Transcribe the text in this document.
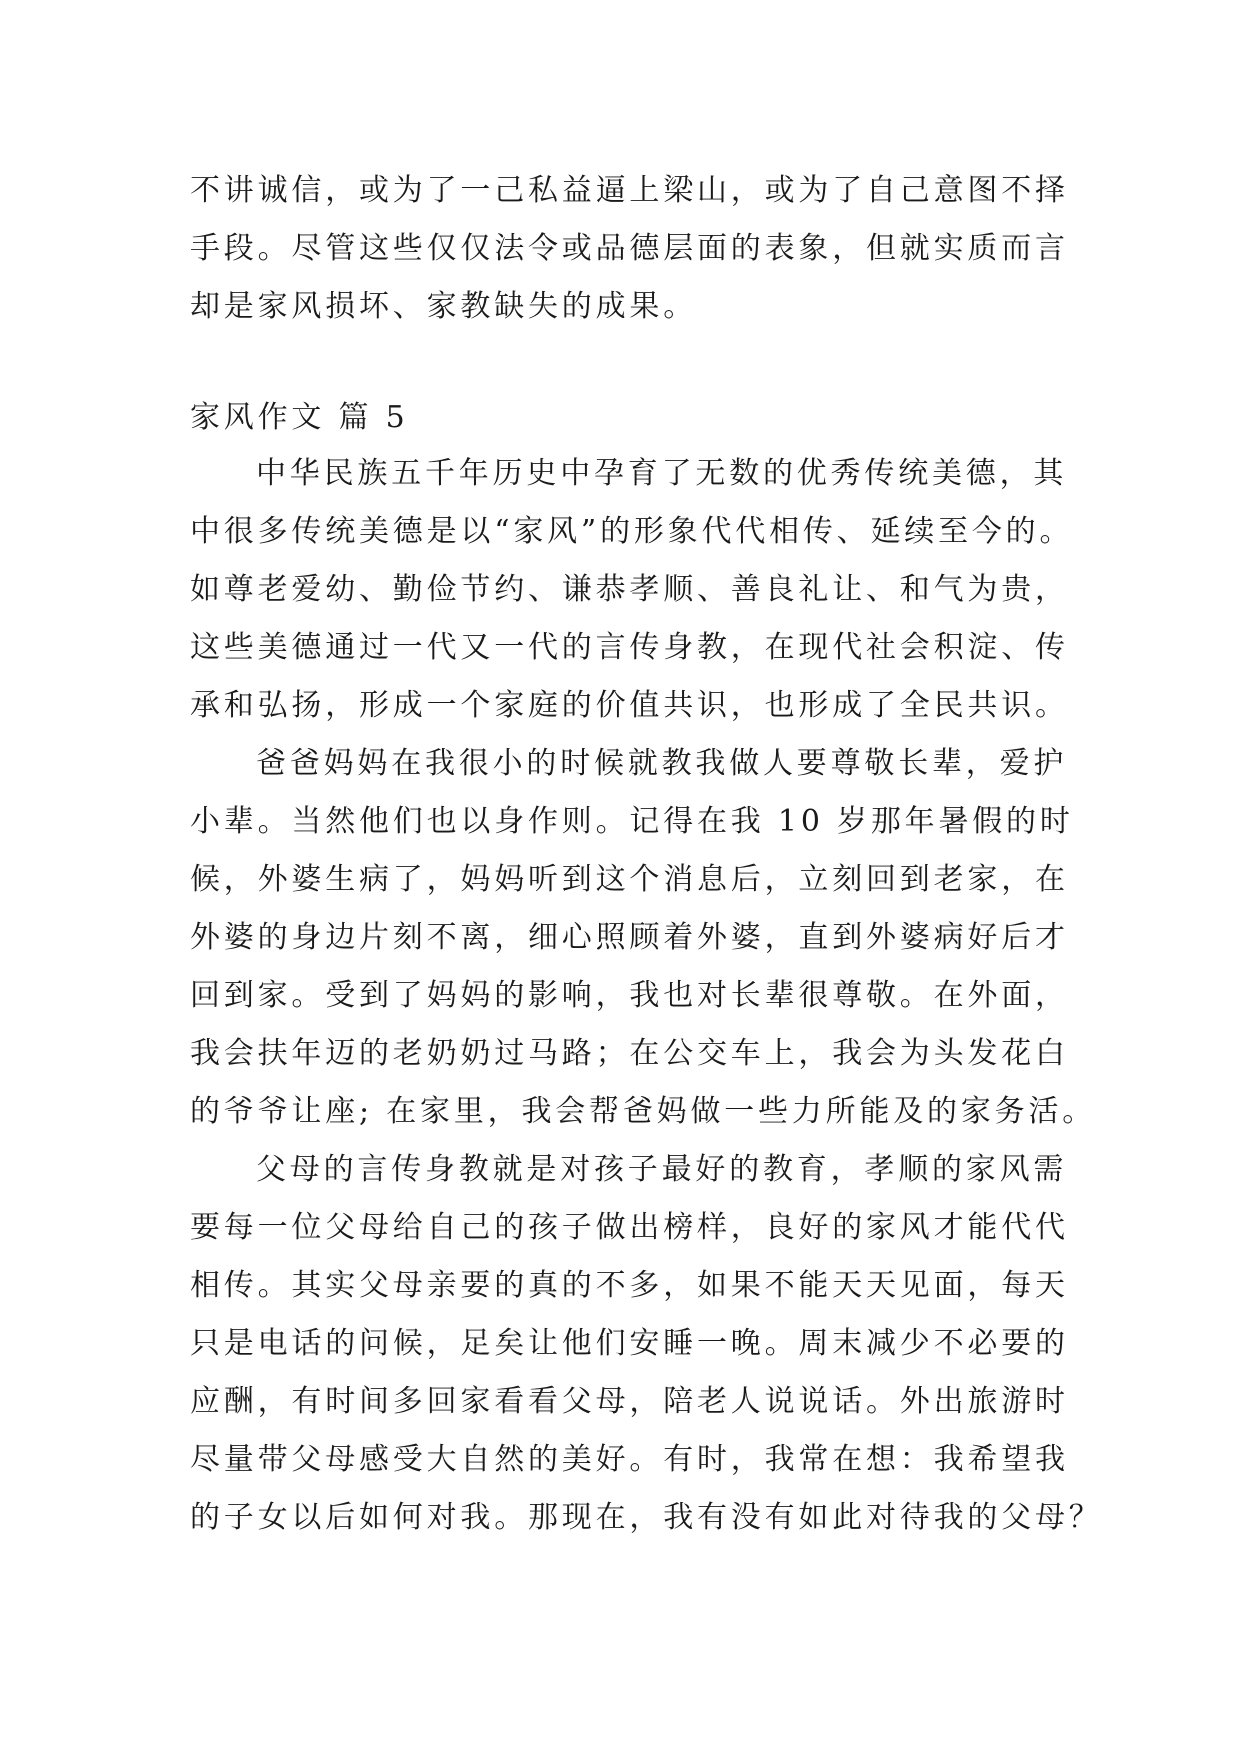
不讲诚信，或为了一己私益逼上梁山，或为了自己意图不择
手段。尽管这些仅仅法令或品德层面的表象，但就实质而言
却是家风损坏、家教缺失的成果。
家风作文 篇 5
中华民族五千年历史中孕育了无数的优秀传统美德，其
中很多传统美德是以“家风”的形象代代相传、延续至今的。
如尊老爱幼、勤俭节约、谦恭孝顺、善良礼让、和气为贵，
这些美德通过一代又一代的言传身教，在现代社会积淀、传
承和弘扬，形成一个家庭的价值共识，也形成了全民共识。
爸爸妈妈在我很小的时候就教我做人要尊敬长辈，爱护
小辈。当然他们也以身作则。记得在我 10 岁那年暑假的时
候，外婆生病了，妈妈听到这个消息后，立刻回到老家，在
外婆的身边片刻不离，细心照顾着外婆，直到外婆病好后才
回到家。受到了妈妈的影响，我也对长辈很尊敬。在外面，
我会扶年迈的老奶奶过马路；在公交车上，我会为头发花白
的爷爷让座; 在家里，我会帮爸妈做一些力所能及的家务活。
父母的言传身教就是对孩子最好的教育，孝顺的家风需
要每一位父母给自己的孩子做出榜样，良好的家风才能代代
相传。其实父母亲要的真的不多，如果不能天天见面，每天
只是电话的问候，足矣让他们安睡一晚。周末减少不必要的
应酬，有时间多回家看看父母，陪老人说说话。外出旅游时
尽量带父母感受大自然的美好。有时，我常在想：我希望我
的子女以后如何对我。那现在，我有没有如此对待我的父母？
